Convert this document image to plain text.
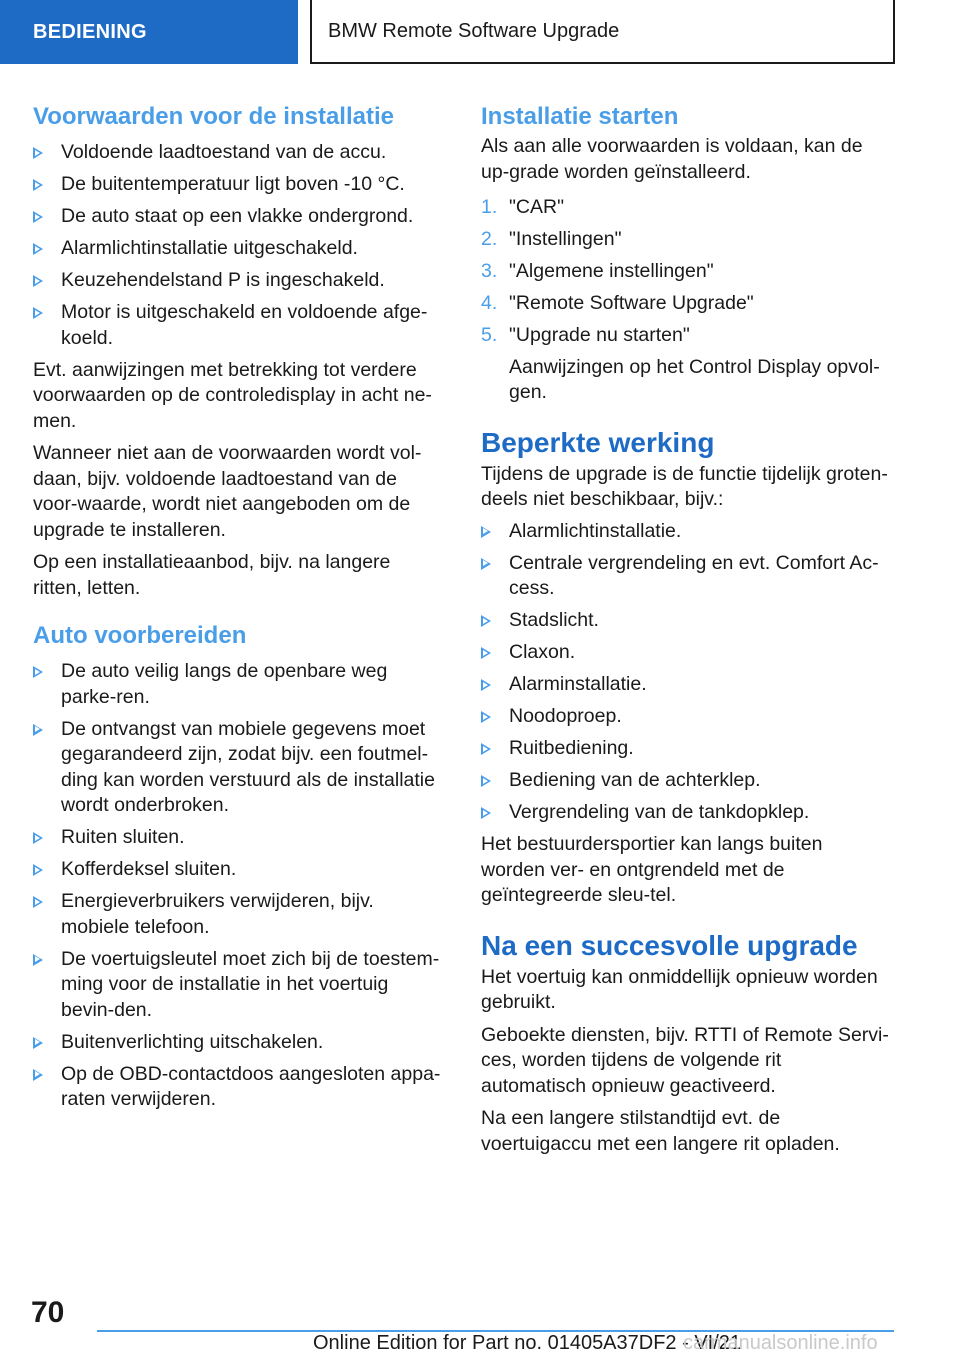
BEDIENING	BMW Remote Software Upgrade
Voorwaarden voor de installatie
Voldoende laadtoestand van de accu.
De buitentemperatuur ligt boven -10 °C.
De auto staat op een vlakke ondergrond.
Alarmlichtinstallatie uitgeschakeld.
Keuzehendelstand P is ingeschakeld.
Motor is uitgeschakeld en voldoende afge-koeld.

Evt. aanwijzingen met betrekking tot verdere voorwaarden op de controledisplay in acht ne-men.

Wanneer niet aan de voorwaarden wordt vol-daan, bijv. voldoende laadtoestand van de voor-waarde, wordt niet aangeboden om de upgrade te installeren.

Op een installatieaanbod, bijv. na langere ritten, letten.

Auto voorbereiden
De auto veilig langs de openbare weg parke-ren.
De ontvangst van mobiele gegevens moet gegarandeerd zijn, zodat bijv. een foutmel-ding kan worden verstuurd als de installatie wordt onderbroken.
Ruiten sluiten.
Kofferdeksel sluiten.
Energieverbruikers verwijderen, bijv. mobiele telefoon.
De voertuigsleutel moet zich bij de toestem-ming voor de installatie in het voertuig bevin-den.
Buitenverlichting uitschakelen.
Op de OBD-contactdoos aangesloten appa-raten verwijderen.
Installatie starten

Als aan alle voorwaarden is voldaan, kan de up-grade worden geïnstalleerd.

1. "CAR"
2. "Instellingen"
3. "Algemene instellingen"
4. "Remote Software Upgrade"
5. "Upgrade nu starten"

Aanwijzingen op het Control Display opvol-gen.

Beperkte werking

Tijdens de upgrade is de functie tijdelijk groten-deels niet beschikbaar, bijv.:

Alarmlichtinstallatie.
Centrale vergrendeling en evt. Comfort Ac-cess.
Stadslicht.
Claxon.
Alarminstallatie.
Noodoproep.
Ruitbediening.
Bediening van de achterklep.
Vergrendeling van de tankdopklep.

Het bestuurdersportier kan langs buiten worden ver- en ontgrendeld met de geïntegreerde sleu-tel.

Na een succesvolle upgrade

Het voertuig kan onmiddellijk opnieuw worden gebruikt.

Geboekte diensten, bijv. RTTI of Remote Servi-ces, worden tijdens de volgende rit automatisch opnieuw geactiveerd.

Na een langere stilstandtijd evt. de voertuigaccu met een langere rit opladen.

70
Online Edition for Part no. 01405A37DF2 - VI/21
carmanualsonline.info
